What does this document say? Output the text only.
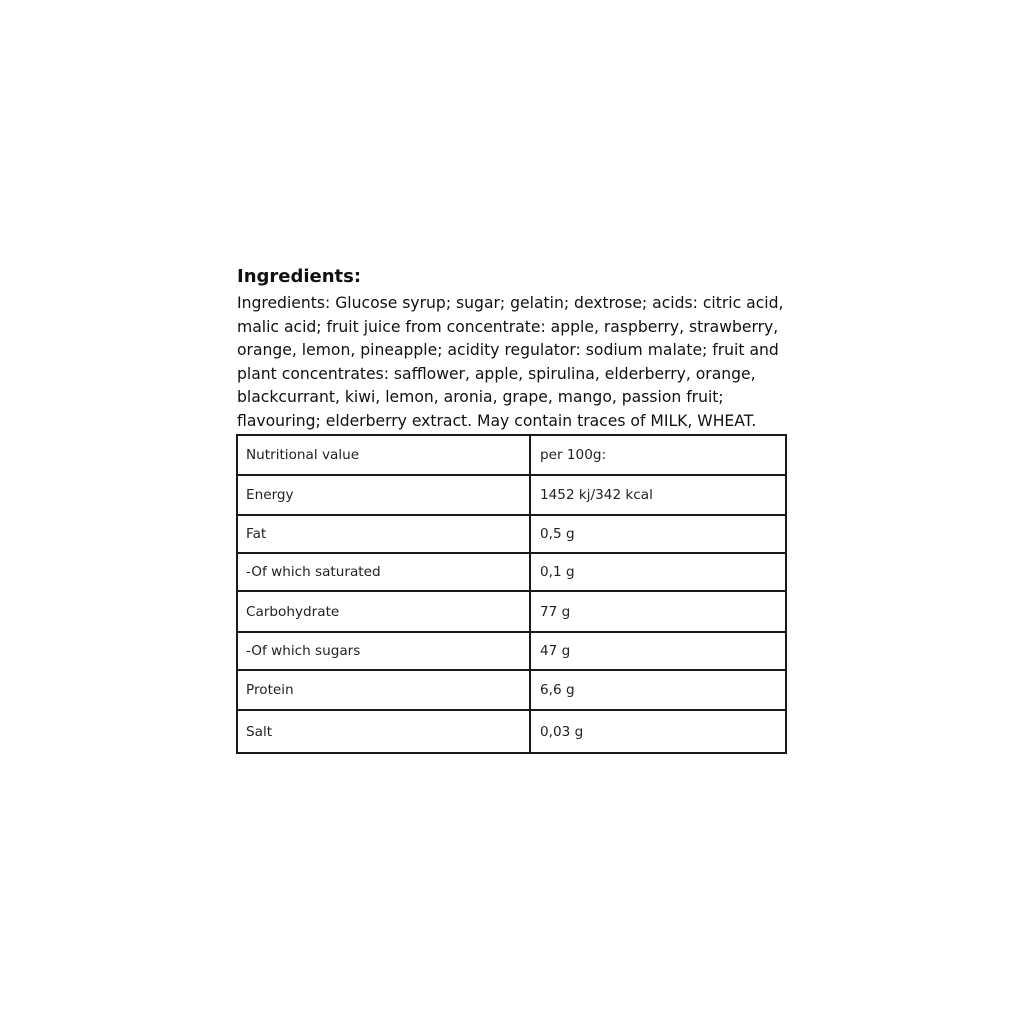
Ingredients:
Ingredients: Glucose syrup; sugar; gelatin; dextrose; acids: citric acid,
malic acid; fruit juice from concentrate: apple, raspberry, strawberry,
orange, lemon, pineapple; acidity regulator: sodium malate; fruit and
plant concentrates: safflower, apple, spirulina, elderberry, orange,
blackcurrant, kiwi, lemon, aronia, grape, mango, passion fruit;
flavouring; elderberry extract. May contain traces of MILK, WHEAT.
Nutritional value	per 100g:
Energy	1452 kj/342 kcal
Fat	0,5 g
-Of which saturated	0,1 g
Carbohydrate	77 g
-Of which sugars	47 g
Protein	6,6 g
Salt	0,03 g
